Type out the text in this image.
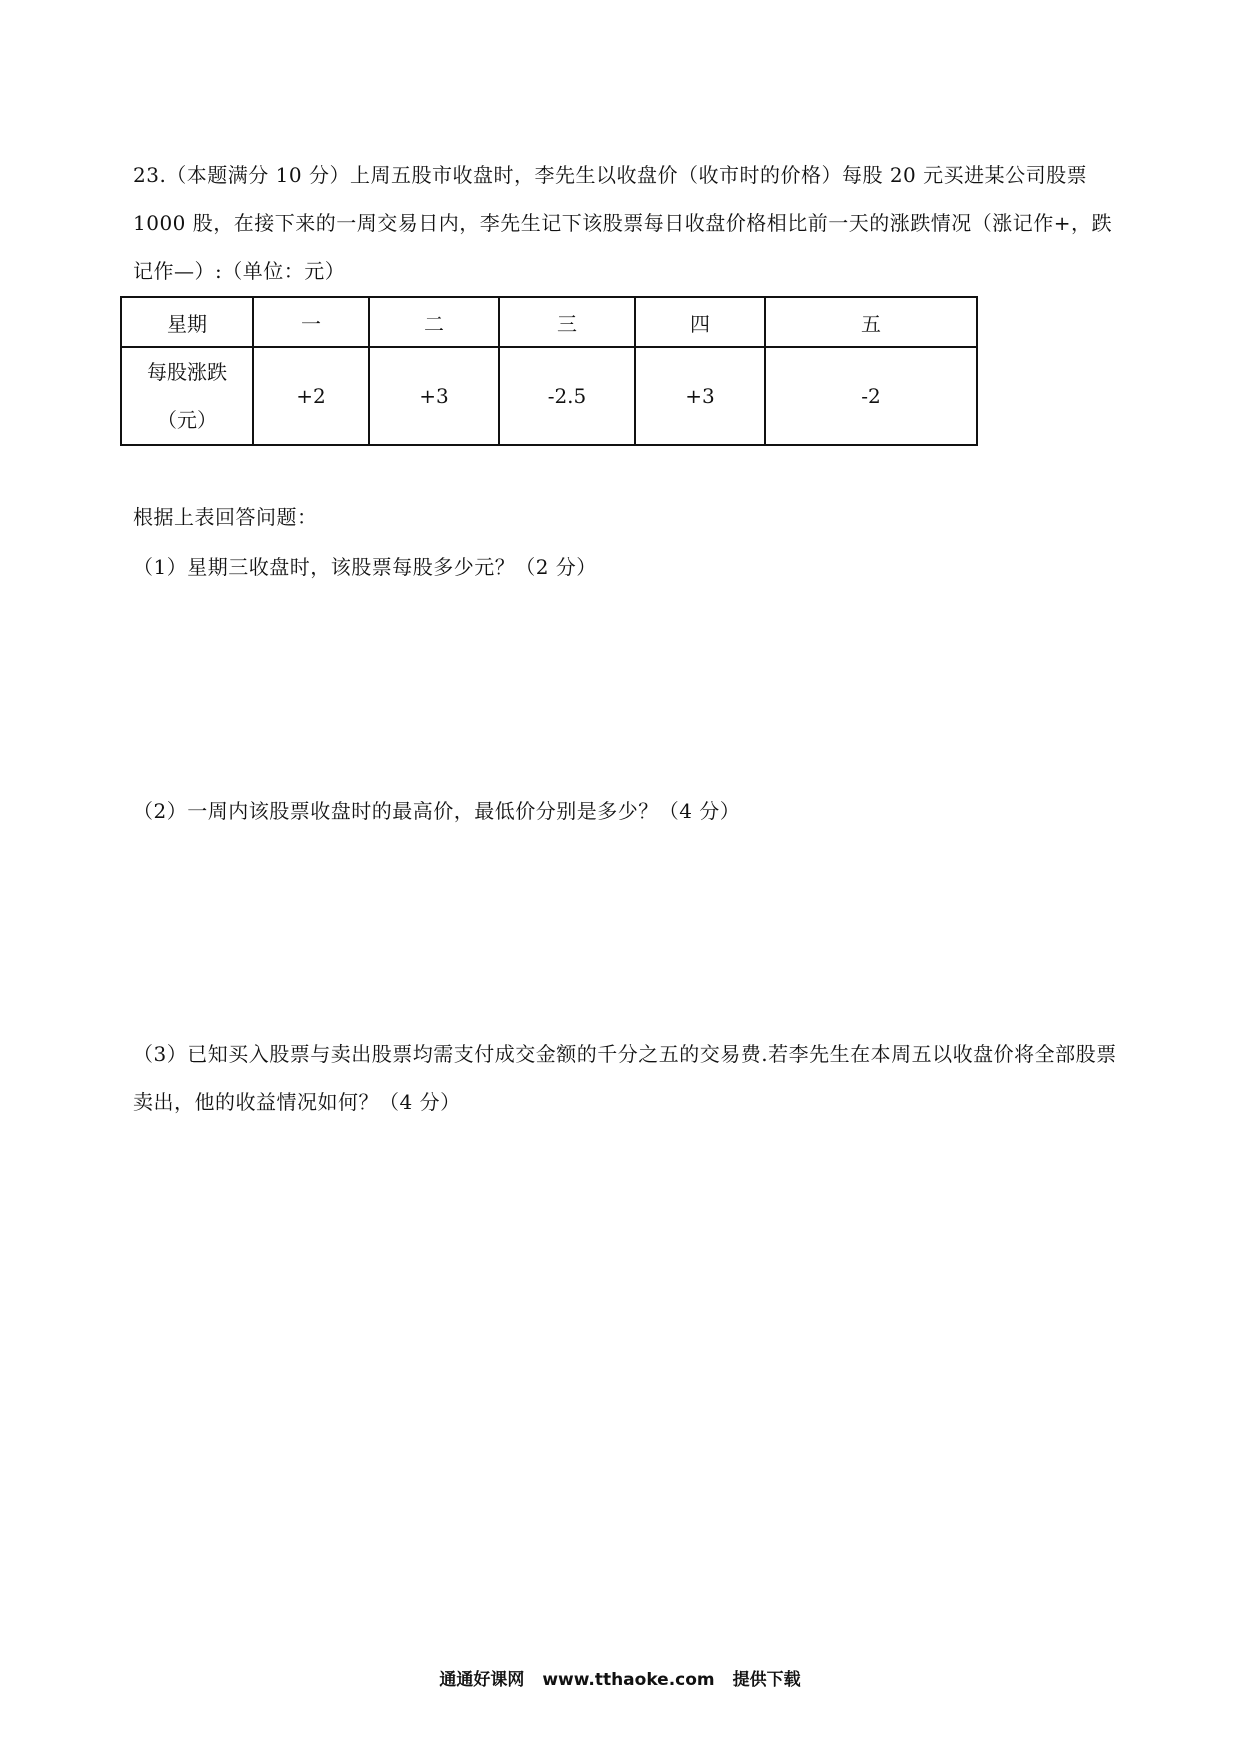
23.（本题满分 10 分）上周五股市收盘时，李先生以收盘价（收市时的价格）每股 20 元买进某公司股票 1000 股，在接下来的一周交易日内，李先生记下该股票每日收盘价格相比前一天的涨跌情况（涨记作+，跌记作—）:（单位：元）
星期	一	二	三	四	五

每股涨跌
（元）	+2	+3	-2.5	+3	-2
根据上表回答问题：
（1）星期三收盘时，该股票每股多少元？（2 分）
（2）一周内该股票收盘时的最高价，最低价分别是多少？（4 分）
（3）已知买入股票与卖出股票均需支付成交金额的千分之五的交易费.若李先生在本周五以收盘价将全部股票卖出，他的收益情况如何？（4 分）
通通好课网 www.tthaoke.com 提供下载
